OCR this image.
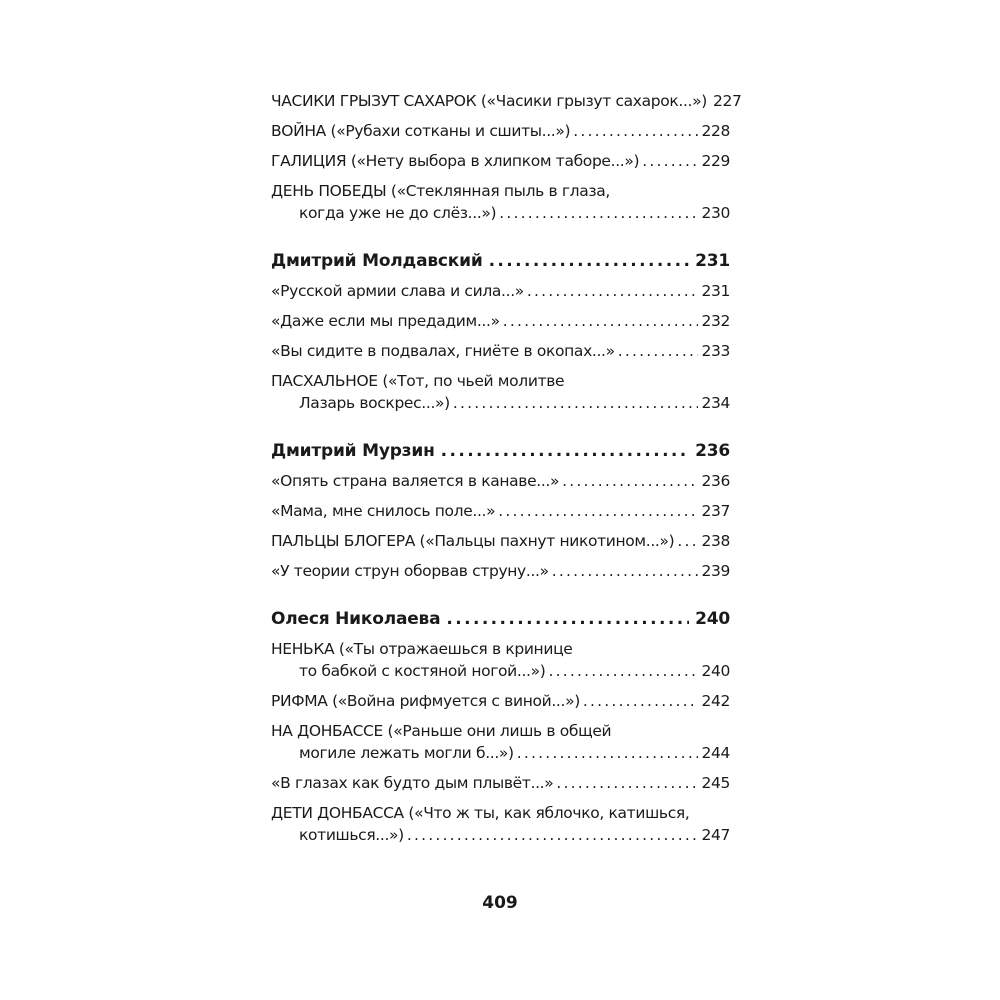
ЧАСИКИ ГРЫЗУТ САХАРОК («Часики грызут сахарок...») 227
ВОЙНА («Рубахи сотканы и сшиты...») .....	228
ГАЛИЦИЯ («Нету выбора в хлипком таборе...») .....	229
ДЕНЬ ПОБЕДЫ («Стеклянная пыль в глаза,
когда уже не до слёз...») .....	230
Дмитрий Молдавский .....	231
«Русской армии слава и сила...» .....	231
«Даже если мы предадим...» .....	232
«Вы сидите в подвалах, гниёте в окопах...» .....	233
ПАСХАЛЬНОЕ («Тот, по чьей молитве
Лазарь воскрес...») .....	234
Дмитрий Мурзин .....	236
«Опять страна валяется в канаве...» .....	236
«Мама, мне снилось поле...» .....	237
ПАЛЬЦЫ БЛОГЕРА («Пальцы пахнут никотином...») ..... 238
«У теории струн оборвав струну...» .....	239
Олеся Николаева .....	240
НЕНЬКА («Ты отражаешься в кринице
то бабкой с костяной ногой...») .....	240
РИФМА («Война рифмуется с виной...») .....	242
НА ДОНБАССЕ («Раньше они лишь в общей
могиле лежать могли б...») .....	244
«В глазах как будто дым плывёт...» .....	245
ДЕТИ ДОНБАССА («Что ж ты, как яблочко, катишься,
котишься...») .....	247
409
